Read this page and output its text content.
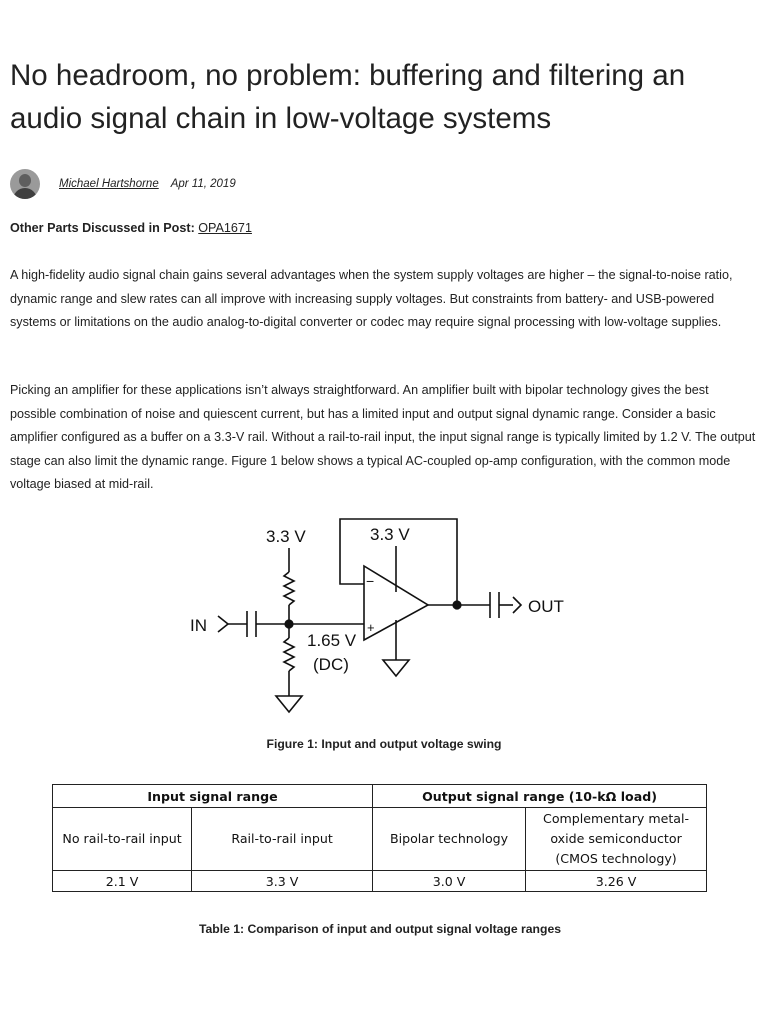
No headroom, no problem: buffering and filtering an audio signal chain in low-voltage systems
Michael Hartshorne Apr 11, 2019
Other Parts Discussed in Post: OPA1671

A high-fidelity audio signal chain gains several advantages when the system supply voltages are higher – the signal-to-noise ratio, dynamic range and slew rates can all improve with increasing supply voltages. But constraints from battery- and USB-powered systems or limitations on the audio analog-to-digital converter or codec may require signal processing with low-voltage supplies.

Picking an amplifier for these applications isn’t always straightforward. An amplifier built with bipolar technology gives the best possible combination of noise and quiescent current, but has a limited input and output signal dynamic range. Consider a basic amplifier configured as a buffer on a 3.3-V rail. Without a rail-to-rail input, the input signal range is typically limited by 1.2 V. The output stage can also limit the dynamic range. Figure 1 below shows a typical AC-coupled op-amp configuration, with the common mode voltage biased at mid-rail.

3.3 V
IN
1.65 V
(DC)
−
+
3.3 V
OUT
Figure 1: Input and output voltage swing
Input signal range		Output signal range (10-kΩ load)	
No rail-to-rail input	Rail-to-rail input	Bipolar technology	Complementary metal-oxide semiconductor (CMOS technology)
2.1 V	3.3 V	3.0 V	3.26 V
Table 1: Comparison of input and output signal voltage ranges
